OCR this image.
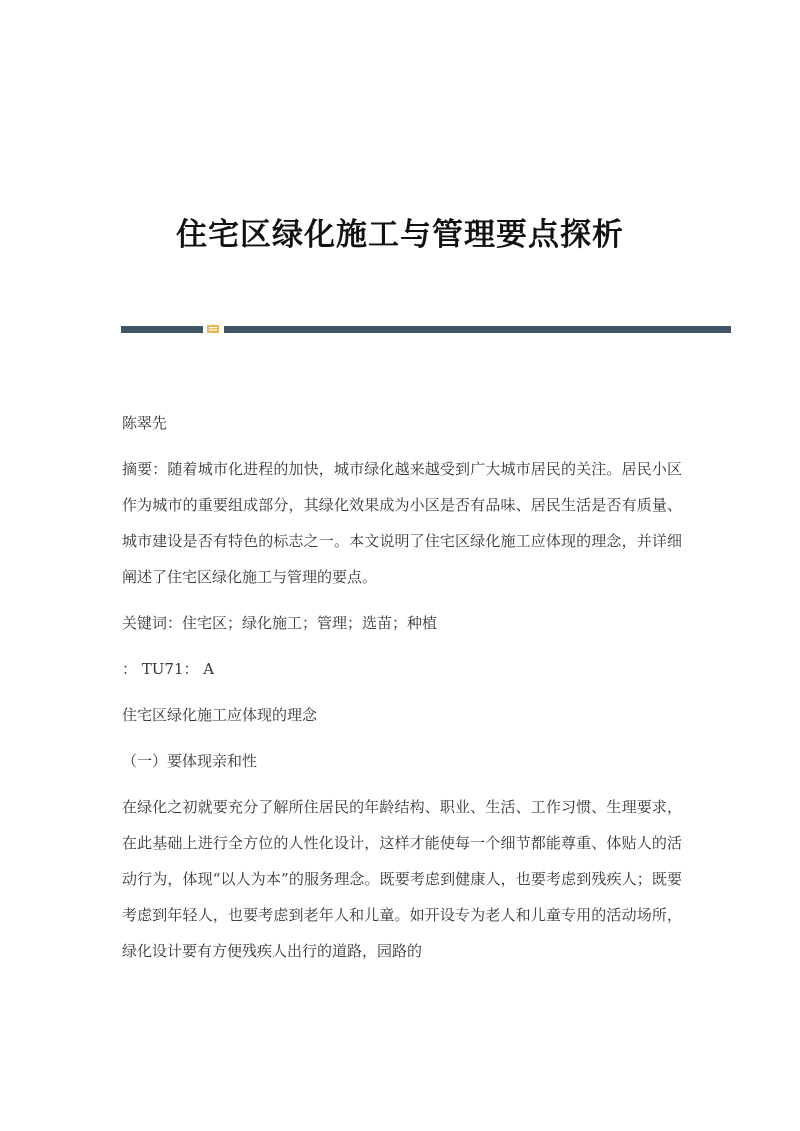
住宅区绿化施工与管理要点探析

陈翠先

摘要：随着城市化进程的加快，城市绿化越来越受到广大城市居民的关注。居民小区作为城市的重要组成部分，其绿化效果成为小区是否有品味、居民生活是否有质量、城市建设是否有特色的标志之一。本文说明了住宅区绿化施工应体现的理念，并详细阐述了住宅区绿化施工与管理的要点。

关键词：住宅区；绿化施工；管理；选苗；种植

： TU71： A

住宅区绿化施工应体现的理念

（一）要体现亲和性

在绿化之初就要充分了解所住居民的年龄结构、职业、生活、工作习惯、生理要求，在此基础上进行全方位的人性化设计，这样才能使每一个细节都能尊重、体贴人的活动行为，体现“以人为本”的服务理念。既要考虑到健康人，也要考虑到残疾人；既要考虑到年轻人，也要考虑到老年人和儿童。如开设专为老人和儿童专用的活动场所，绿化设计要有方便残疾人出行的道路，园路的
